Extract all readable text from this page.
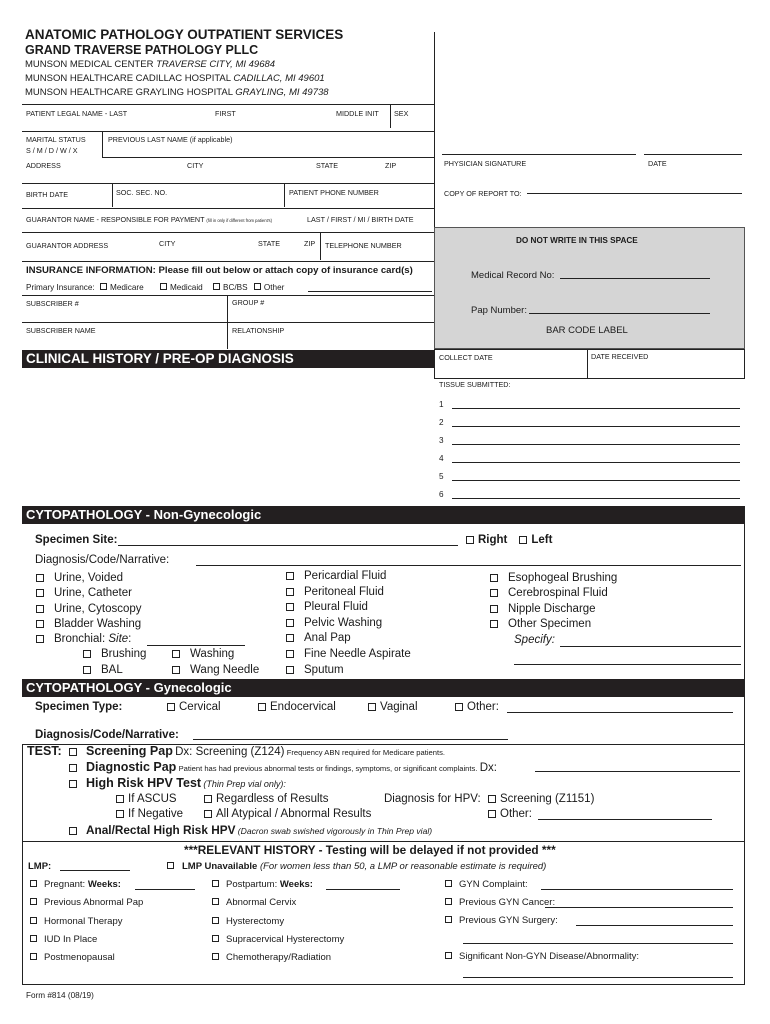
ANATOMIC PATHOLOGY OUTPATIENT SERVICES
GRAND TRAVERSE PATHOLOGY PLLC
MUNSON MEDICAL CENTER TRAVERSE CITY, MI 49684
MUNSON HEALTHCARE CADILLAC HOSPITAL CADILLAC, MI 49601
MUNSON HEALTHCARE GRAYLING HOSPITAL GRAYLING, MI 49738
PATIENT LEGAL NAME - LAST	FIRST	MIDDLE INIT SEX
MARITAL STATUS
S / M / D / W / X
PREVIOUS LAST NAME (if applicable)
ADDRESS	CITY	STATE	ZIP
BIRTH DATE	SOC. SEC. NO.	PATIENT PHONE NUMBER
GUARANTOR NAME - RESPONSIBLE FOR PAYMENT (fill in only if different from patient's)	LAST / FIRST / MI / BIRTH DATE
GUARANTOR ADDRESS	CITY	STATE	ZIP TELEPHONE NUMBER
INSURANCE INFORMATION: Please fill out below or attach copy of insurance card(s)
Primary Insurance: Medicare	Medicaid BC/BS Other
SUBSCRIBER #	GROUP #
SUBSCRIBER NAME	RELATIONSHIP
PHYSICIAN SIGNATURE	DATE
COPY OF REPORT TO:
DO NOT WRITE IN THIS SPACE
Medical Record No:
Pap Number:
BAR CODE LABEL
CLINICAL HISTORY / PRE-OP DIAGNOSIS	COLLECT DATE	DATE RECEIVED
TISSUE SUBMITTED:
1
2
3
4
5
6
CYTOPATHOLOGY - Non-Gynecologic
Specimen Site:	Right Left
Diagnosis/Code/Narrative:
Urine, Voided
Urine, Catheter
Urine, Cytoscopy
Bladder Washing
Bronchial: Site:
Brushing	Washing
BAL	Wang Needle
Pericardial Fluid
Peritoneal Fluid
Pleural Fluid
Pelvic Washing
Anal Pap
Fine Needle Aspirate
Sputum
Esophogeal Brushing
Cerebrospinal Fluid
Nipple Discharge
Other Specimen
Specify:
CYTOPATHOLOGY - Gynecologic
Specimen Type:	Cervical	Endocervical	Vaginal	Other:
Diagnosis/Code/Narrative:
TEST:	Screening Pap Dx: Screening (Z124) Frequency ABN required for Medicare patients.
Diagnostic Pap Patient has had previous abnormal tests or findings, symptoms, or significant complaints. Dx:
High Risk HPV Test (Thin Prep vial only):
If ASCUS	Regardless of Results	Diagnosis for HPV:	Screening (Z1151)
If Negative	All Atypical / Abnormal Results	Other:
Anal/Rectal High Risk HPV (Dacron swab swished vigorously in Thin Prep vial)
***RELEVANT HISTORY - Testing will be delayed if not provided ***
LMP:	LMP Unavailable (For women less than 50, a LMP or reasonable estimate is required)
Pregnant: Weeks:	Postpartum: Weeks:	GYN Complaint:
Previous Abnormal Pap	Abnormal Cervix	Previous GYN Cancer:
Hormonal Therapy	Hysterectomy	Previous GYN Surgery:
IUD In Place	Supracervical Hysterectomy
Postmenopausal	Chemotherapy/Radiation	Significant Non-GYN Disease/Abnormality:
Form #814 (08/19)
